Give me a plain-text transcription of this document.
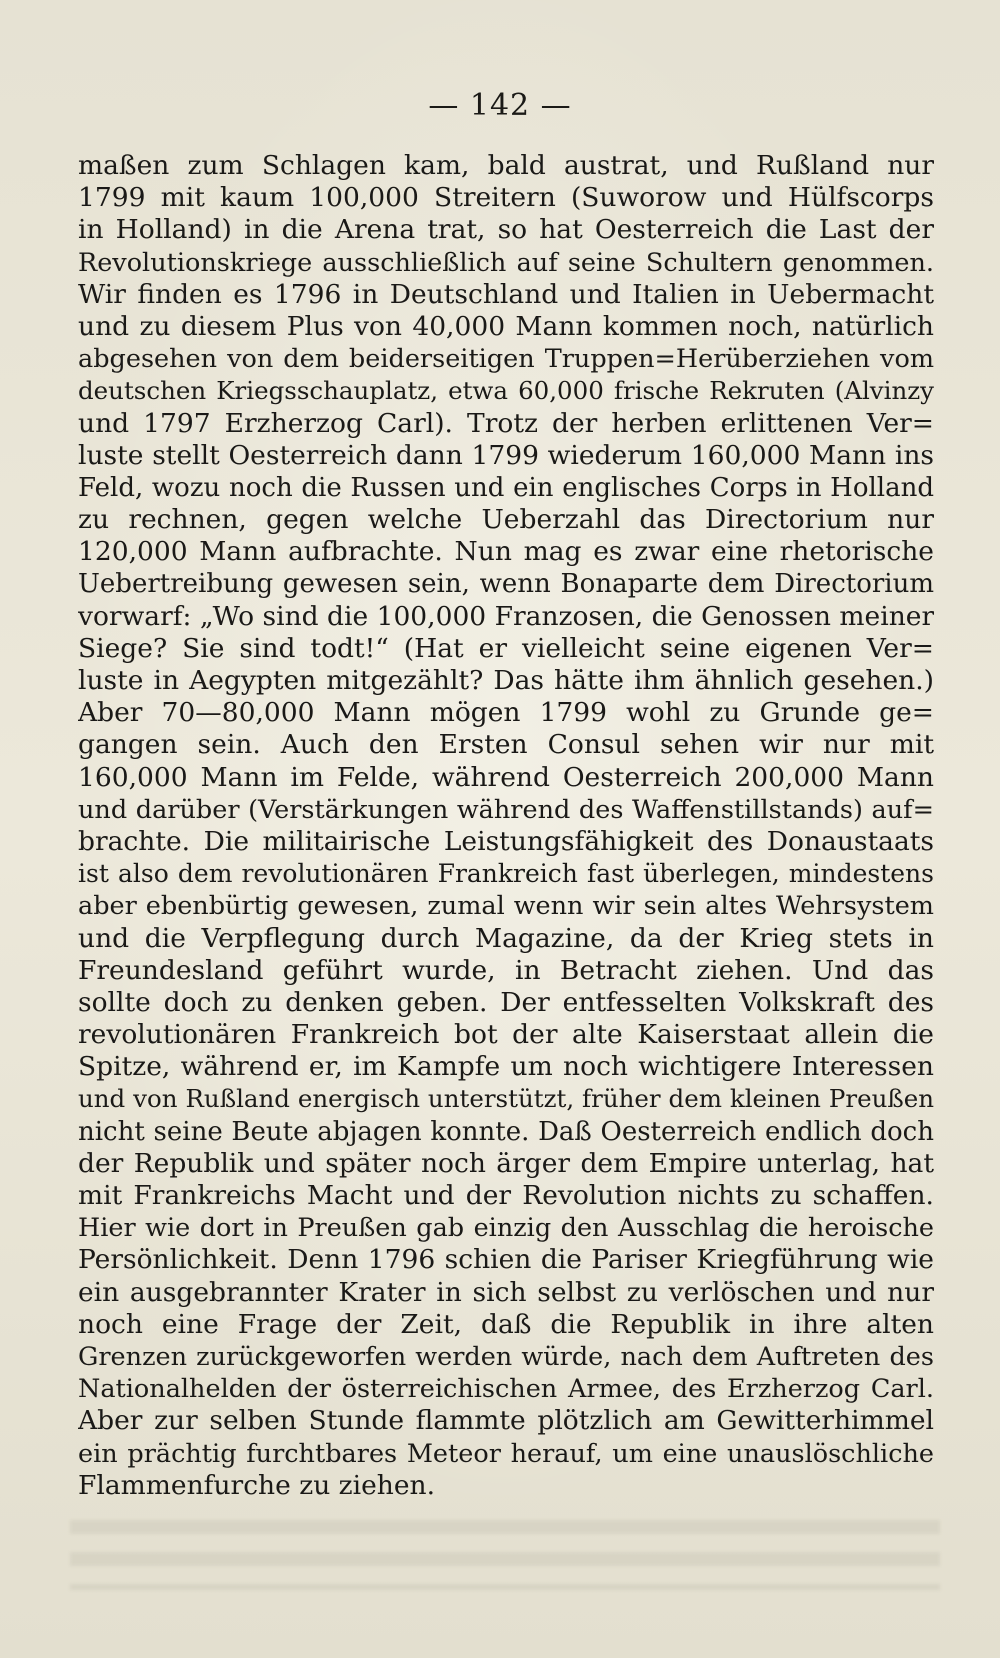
— 142 —
maßen zum Schlagen kam, bald austrat, und Rußland nur
1799 mit kaum 100,000 Streitern (Suworow und Hülfscorps
in Holland) in die Arena trat, so hat Oesterreich die Last der
Revolutionskriege ausschließlich auf seine Schultern genommen.
Wir finden es 1796 in Deutschland und Italien in Uebermacht
und zu diesem Plus von 40,000 Mann kommen noch, natürlich
abgesehen von dem beiderseitigen Truppen=Herüberziehen vom
deutschen Kriegsschauplatz, etwa 60,000 frische Rekruten (Alvinzy
und 1797 Erzherzog Carl). Trotz der herben erlittenen Ver=
luste stellt Oesterreich dann 1799 wiederum 160,000 Mann ins
Feld, wozu noch die Russen und ein englisches Corps in Holland
zu rechnen, gegen welche Ueberzahl das Directorium nur
120,000 Mann aufbrachte. Nun mag es zwar eine rhetorische
Uebertreibung gewesen sein, wenn Bonaparte dem Directorium
vorwarf: „Wo sind die 100,000 Franzosen, die Genossen meiner
Siege? Sie sind todt!“ (Hat er vielleicht seine eigenen Ver=
luste in Aegypten mitgezählt? Das hätte ihm ähnlich gesehen.)
Aber 70—80,000 Mann mögen 1799 wohl zu Grunde ge=
gangen sein. Auch den Ersten Consul sehen wir nur mit
160,000 Mann im Felde, während Oesterreich 200,000 Mann
und darüber (Verstärkungen während des Waffenstillstands) auf=
brachte. Die militairische Leistungsfähigkeit des Donaustaats
ist also dem revolutionären Frankreich fast überlegen, mindestens
aber ebenbürtig gewesen, zumal wenn wir sein altes Wehrsystem
und die Verpflegung durch Magazine, da der Krieg stets in
Freundesland geführt wurde, in Betracht ziehen. Und das
sollte doch zu denken geben. Der entfesselten Volkskraft des
revolutionären Frankreich bot der alte Kaiserstaat allein die
Spitze, während er, im Kampfe um noch wichtigere Interessen
und von Rußland energisch unterstützt, früher dem kleinen Preußen
nicht seine Beute abjagen konnte. Daß Oesterreich endlich doch
der Republik und später noch ärger dem Empire unterlag, hat
mit Frankreichs Macht und der Revolution nichts zu schaffen.
Hier wie dort in Preußen gab einzig den Ausschlag die heroische
Persönlichkeit. Denn 1796 schien die Pariser Kriegführung wie
ein ausgebrannter Krater in sich selbst zu verlöschen und nur
noch eine Frage der Zeit, daß die Republik in ihre alten
Grenzen zurückgeworfen werden würde, nach dem Auftreten des
Nationalhelden der österreichischen Armee, des Erzherzog Carl.
Aber zur selben Stunde flammte plötzlich am Gewitterhimmel
ein prächtig furchtbares Meteor herauf, um eine unauslöschliche
Flammenfurche zu ziehen.
